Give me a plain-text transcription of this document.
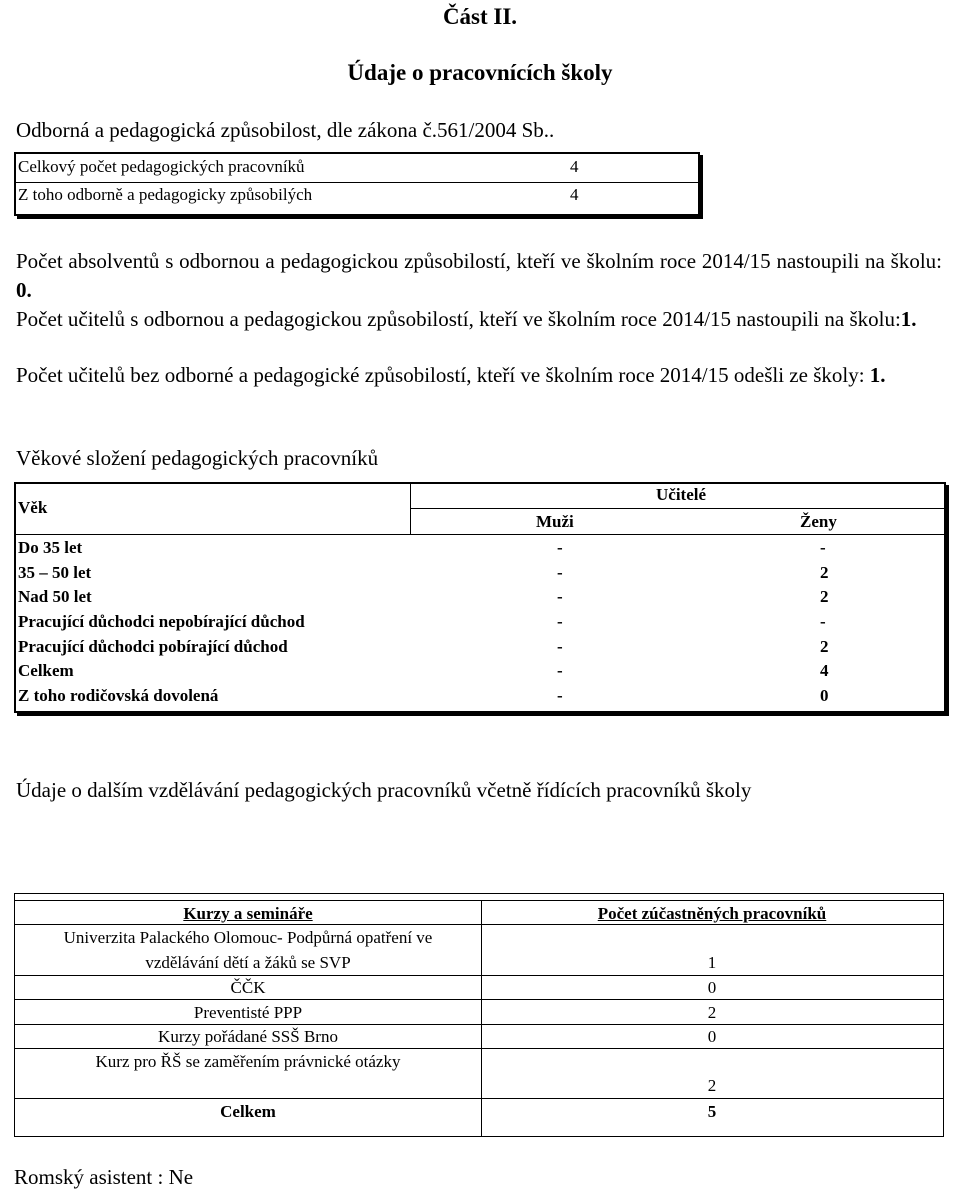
Část II.
Údaje o pracovnících školy
Odborná a pedagogická způsobilost, dle zákona č.561/2004 Sb..
Celkový počet pedagogických pracovníků	4
Z toho odborně a pedagogicky způsobilých	4
Počet absolventů s odbornou a pedagogickou způsobilostí, kteří ve školním roce 2014/15 nastoupili na školu: 0.
Počet učitelů s odbornou a pedagogickou způsobilostí, kteří ve školním roce 2014/15 nastoupili na školu:1.
Počet učitelů bez odborné a pedagogické způsobilostí, kteří ve školním roce 2014/15 odešli ze školy: 1.
Věkové složení pedagogických pracovníků
Věk
Učitelé
Muži	Ženy
Do 35 let	-	-
35 – 50 let	-	2
Nad 50 let	-	2
Pracující důchodci nepobírající důchod	-	-
Pracující důchodci pobírající důchod	-	2
Celkem	-	4
Z toho rodičovská dovolená	-	0
Údaje o dalším vzdělávání pedagogických pracovníků včetně řídících pracovníků školy
Kurzy a semináře	Počet zúčastněných pracovníků
Univerzita Palackého Olomouc- Podpůrná opatření ve
vzdělávání dětí a žáků se SVP	1
ČČK	0
Preventisté PPP	2
Kurzy pořádané SSŠ Brno	0
Kurz pro ŘŠ se zaměřením právnické otázky
2
Celkem	5
Romský asistent : Ne
